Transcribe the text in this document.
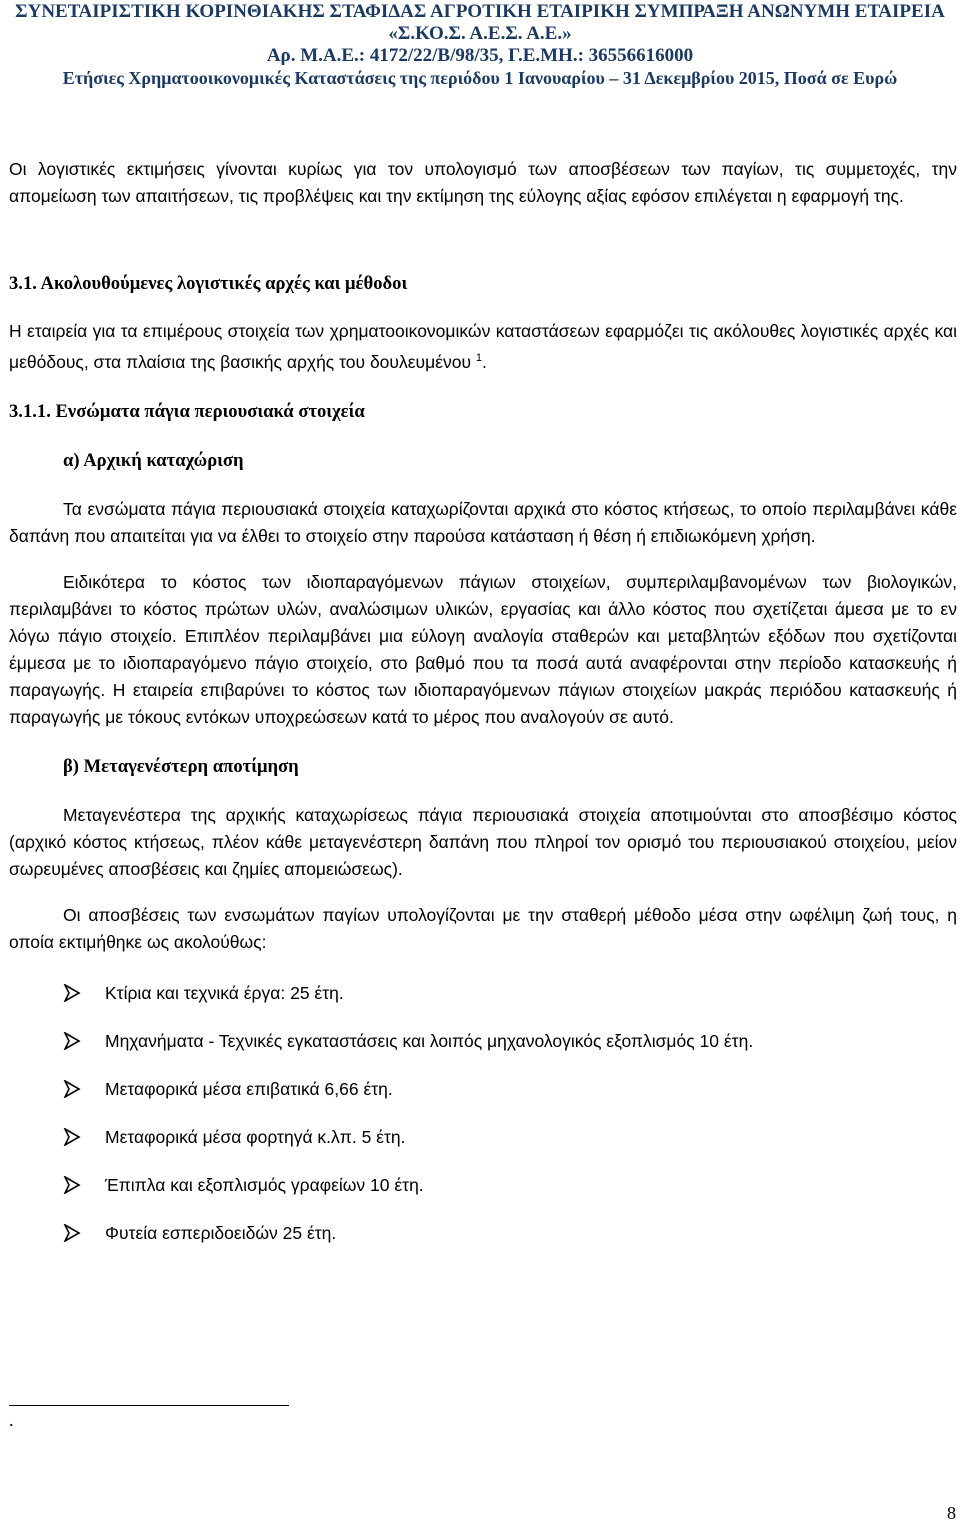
ΣΥΝΕΤΑΙΡΙΣΤΙΚΗ ΚΟΡΙΝΘΙΑΚΗΣ ΣΤΑΦΙΔΑΣ ΑΓΡΟΤΙΚΗ ΕΤΑΙΡΙΚΗ ΣΥΜΠΡΑΞΗ ΑΝΩΝΥΜΗ ΕΤΑΙΡΕΙΑ
«Σ.ΚΟ.Σ. Α.Ε.Σ. Α.Ε.»
Αρ. Μ.Α.Ε.: 4172/22/Β/98/35, Γ.Ε.ΜΗ.: 36556616000
Ετήσιες Χρηματοοικονομικές Καταστάσεις της περιόδου 1 Ιανουαρίου – 31 Δεκεμβρίου 2015, Ποσά σε Ευρώ

Οι λογιστικές εκτιμήσεις γίνονται κυρίως για τον υπολογισμό των αποσβέσεων των παγίων, τις συμμετοχές, την απομείωση των απαιτήσεων, τις προβλέψεις και την εκτίμηση της εύλογης αξίας εφόσον επιλέγεται η εφαρμογή της.

3.1. Ακολουθούμενες λογιστικές αρχές και μέθοδοι

Η εταιρεία για τα επιμέρους στοιχεία των χρηματοοικονομικών καταστάσεων εφαρμόζει τις ακόλουθες λογιστικές αρχές και μεθόδους, στα πλαίσια της βασικής αρχής του δουλευμένου $^1$.

3.1.1. Ενσώματα πάγια περιουσιακά στοιχεία

α) Αρχική καταχώριση

Τα ενσώματα πάγια περιουσιακά στοιχεία καταχωρίζονται αρχικά στο κόστος κτήσεως, το οποίο περιλαμβάνει κάθε δαπάνη που απαιτείται για να έλθει το στοιχείο στην παρούσα κατάσταση ή θέση ή επιδιωκόμενη χρήση.

Ειδικότερα το κόστος των ιδιοπαραγόμενων πάγιων στοιχείων, συμπεριλαμβανομένων των βιολογικών, περιλαμβάνει το κόστος πρώτων υλών, αναλώσιμων υλικών, εργασίας και άλλο κόστος που σχετίζεται άμεσα με το εν λόγω πάγιο στοιχείο. Επιπλέον περιλαμβάνει μια εύλογη αναλογία σταθερών και μεταβλητών εξόδων που σχετίζονται έμμεσα με το ιδιοπαραγόμενο πάγιο στοιχείο, στο βαθμό που τα ποσά αυτά αναφέρονται στην περίοδο κατασκευής ή παραγωγής. Η εταιρεία επιβαρύνει το κόστος των ιδιοπαραγόμενων πάγιων στοιχείων μακράς περιόδου κατασκευής ή παραγωγής με τόκους εντόκων υποχρεώσεων κατά το μέρος που αναλογούν σε αυτό.

β) Μεταγενέστερη αποτίμηση

Μεταγενέστερα της αρχικής καταχωρίσεως πάγια περιουσιακά στοιχεία αποτιμούνται στο αποσβέσιμο κόστος (αρχικό κόστος κτήσεως, πλέον κάθε μεταγενέστερη δαπάνη που πληροί τον ορισμό του περιουσιακού στοιχείου, μείον σωρευμένες αποσβέσεις και ζημίες απομειώσεως).

Οι αποσβέσεις των ενσωμάτων παγίων υπολογίζονται με την σταθερή μέθοδο μέσα στην ωφέλιμη ζωή τους, η οποία εκτιμήθηκε ως ακολούθως:

Κτίρια και τεχνικά έργα: 25 έτη.
Μηχανήματα - Τεχνικές εγκαταστάσεις και λοιπός μηχανολογικός εξοπλισμός 10 έτη.
Μεταφορικά μέσα επιβατικά 6,66 έτη.
Μεταφορικά μέσα φορτηγά κ.λπ. 5 έτη.
Έπιπλα και εξοπλισμός γραφείων 10 έτη.
Φυτεία εσπεριδοειδών 25 έτη.
.
8
